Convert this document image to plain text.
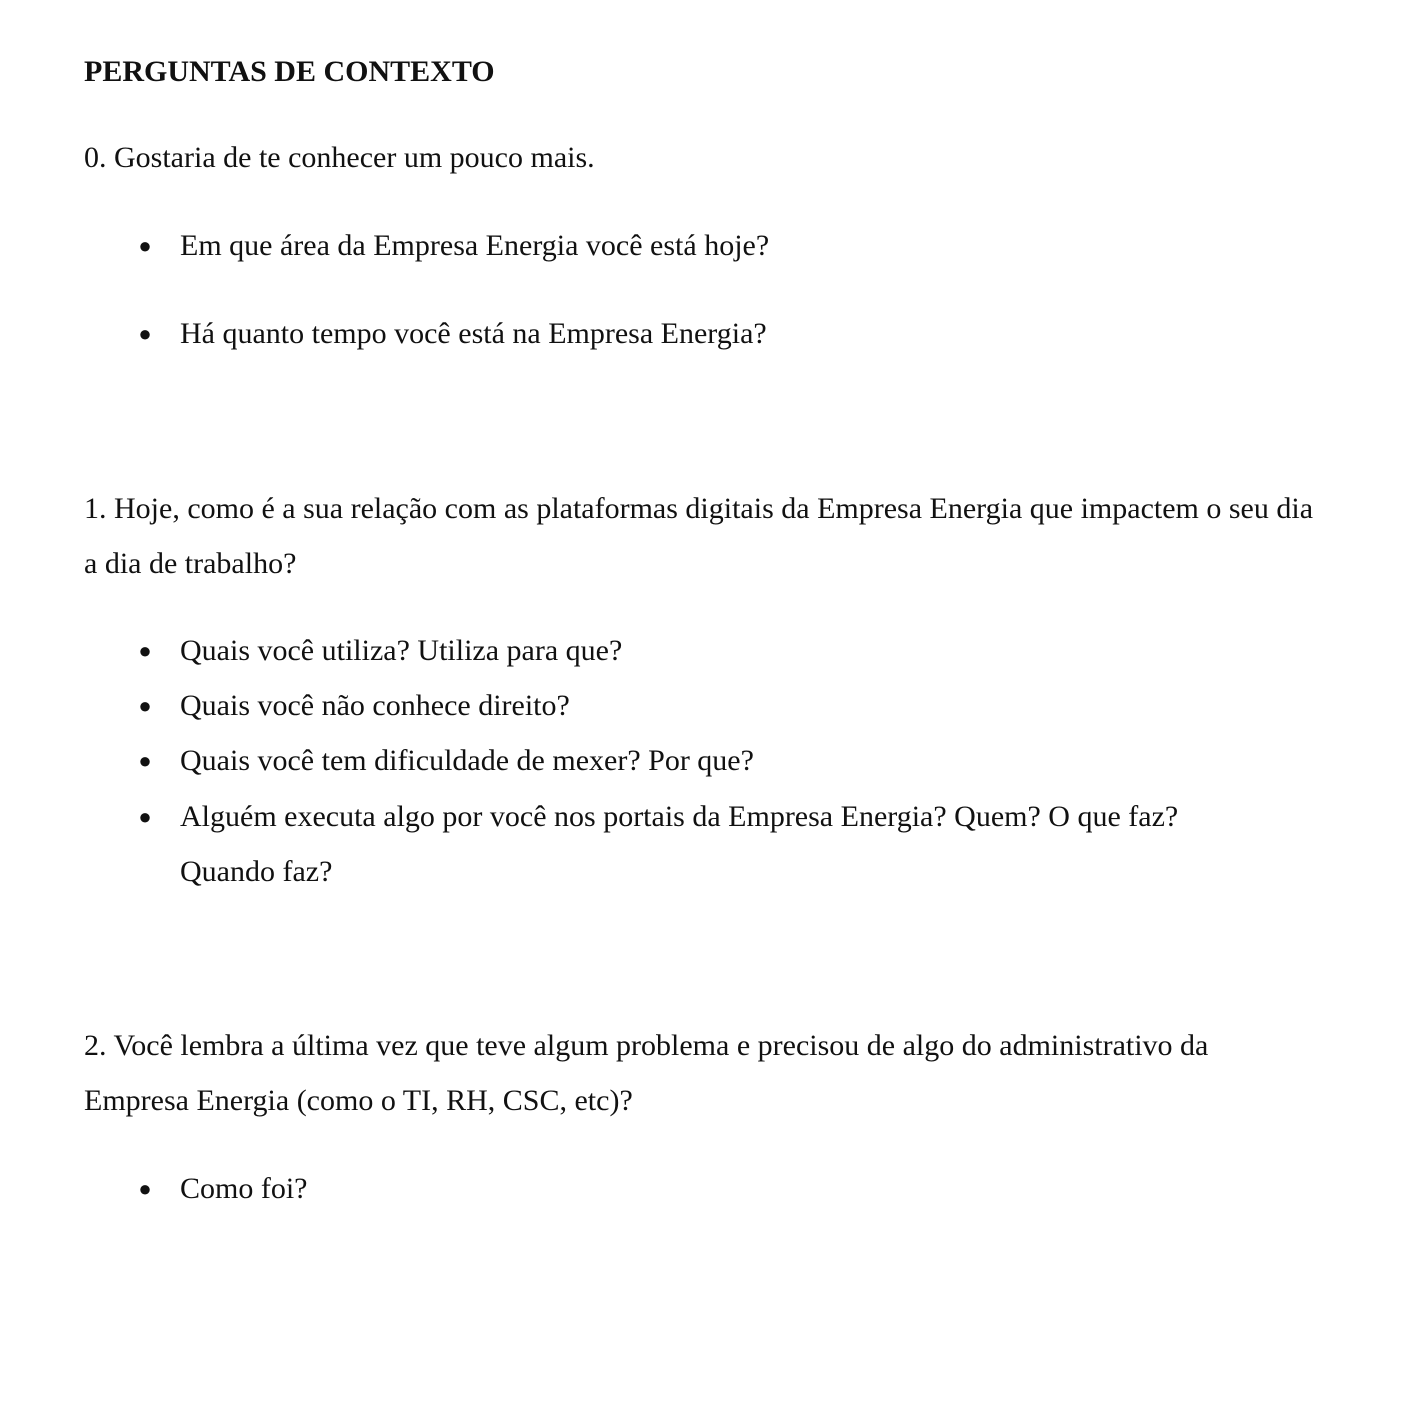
PERGUNTAS DE CONTEXTO

0. Gostaria de te conhecer um pouco mais.

● Em que área da Empresa Energia você está hoje?
● Há quanto tempo você está na Empresa Energia?

1. Hoje, como é a sua relação com as plataformas digitais da Empresa Energia que impactem o seu dia a dia de trabalho?

● Quais você utiliza? Utiliza para que?
● Quais você não conhece direito?
● Quais você tem dificuldade de mexer? Por que?
● Alguém executa algo por você nos portais da Empresa Energia? Quem? O que faz? Quando faz?

2. Você lembra a última vez que teve algum problema e precisou de algo do administrativo da Empresa Energia (como o TI, RH, CSC, etc)?

● Como foi?
